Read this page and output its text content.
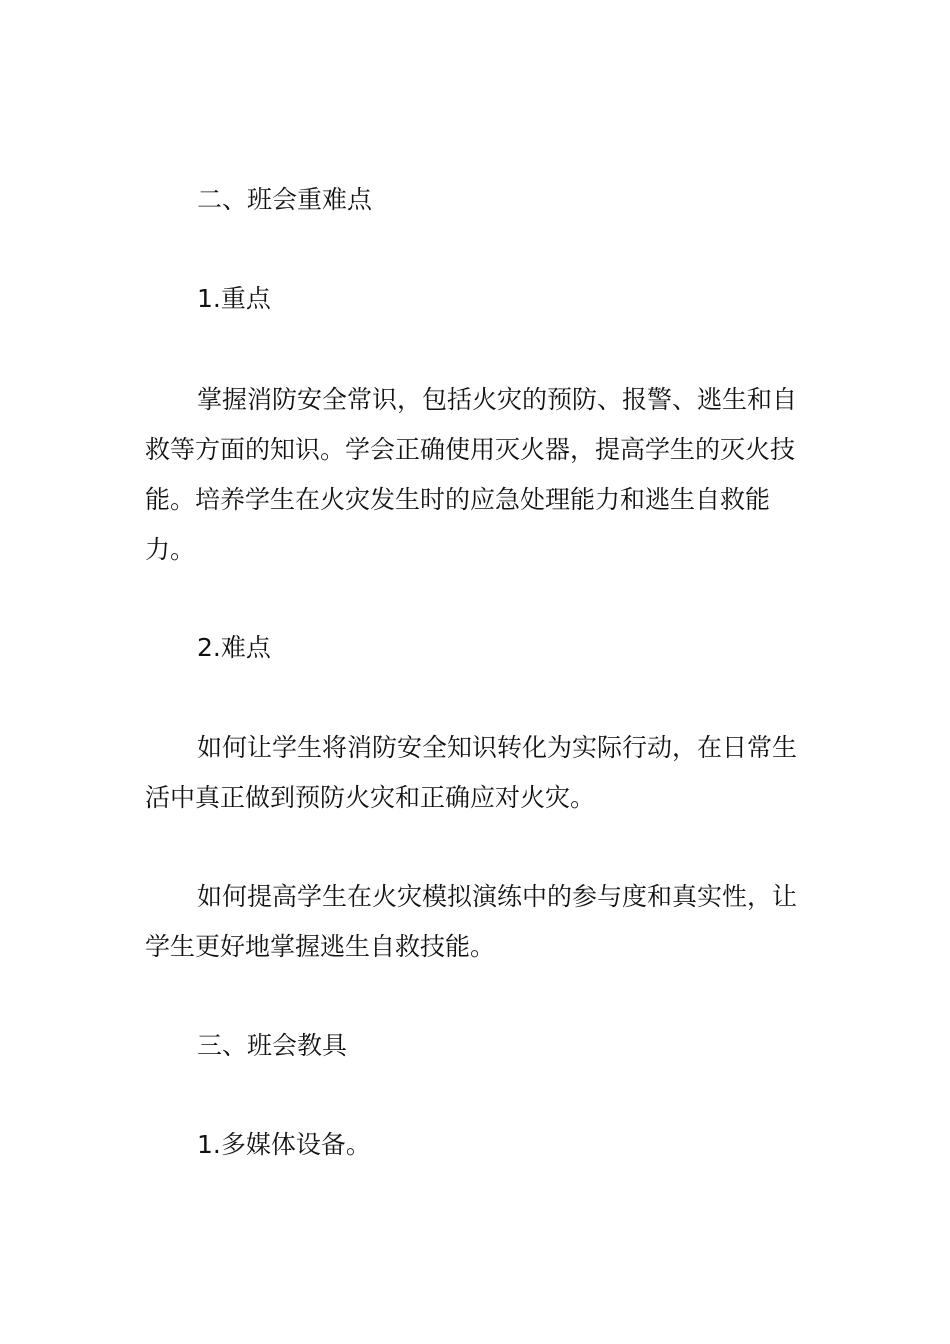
二、班会重难点

1.重点

掌握消防安全常识，包括火灾的预防、报警、逃生和自救等方面的知识。学会正确使用灭火器，提高学生的灭火技能。培养学生在火灾发生时的应急处理能力和逃生自救能力。

2.难点

如何让学生将消防安全知识转化为实际行动，在日常生活中真正做到预防火灾和正确应对火灾。

如何提高学生在火灾模拟演练中的参与度和真实性，让学生更好地掌握逃生自救技能。

三、班会教具

1.多媒体设备。
